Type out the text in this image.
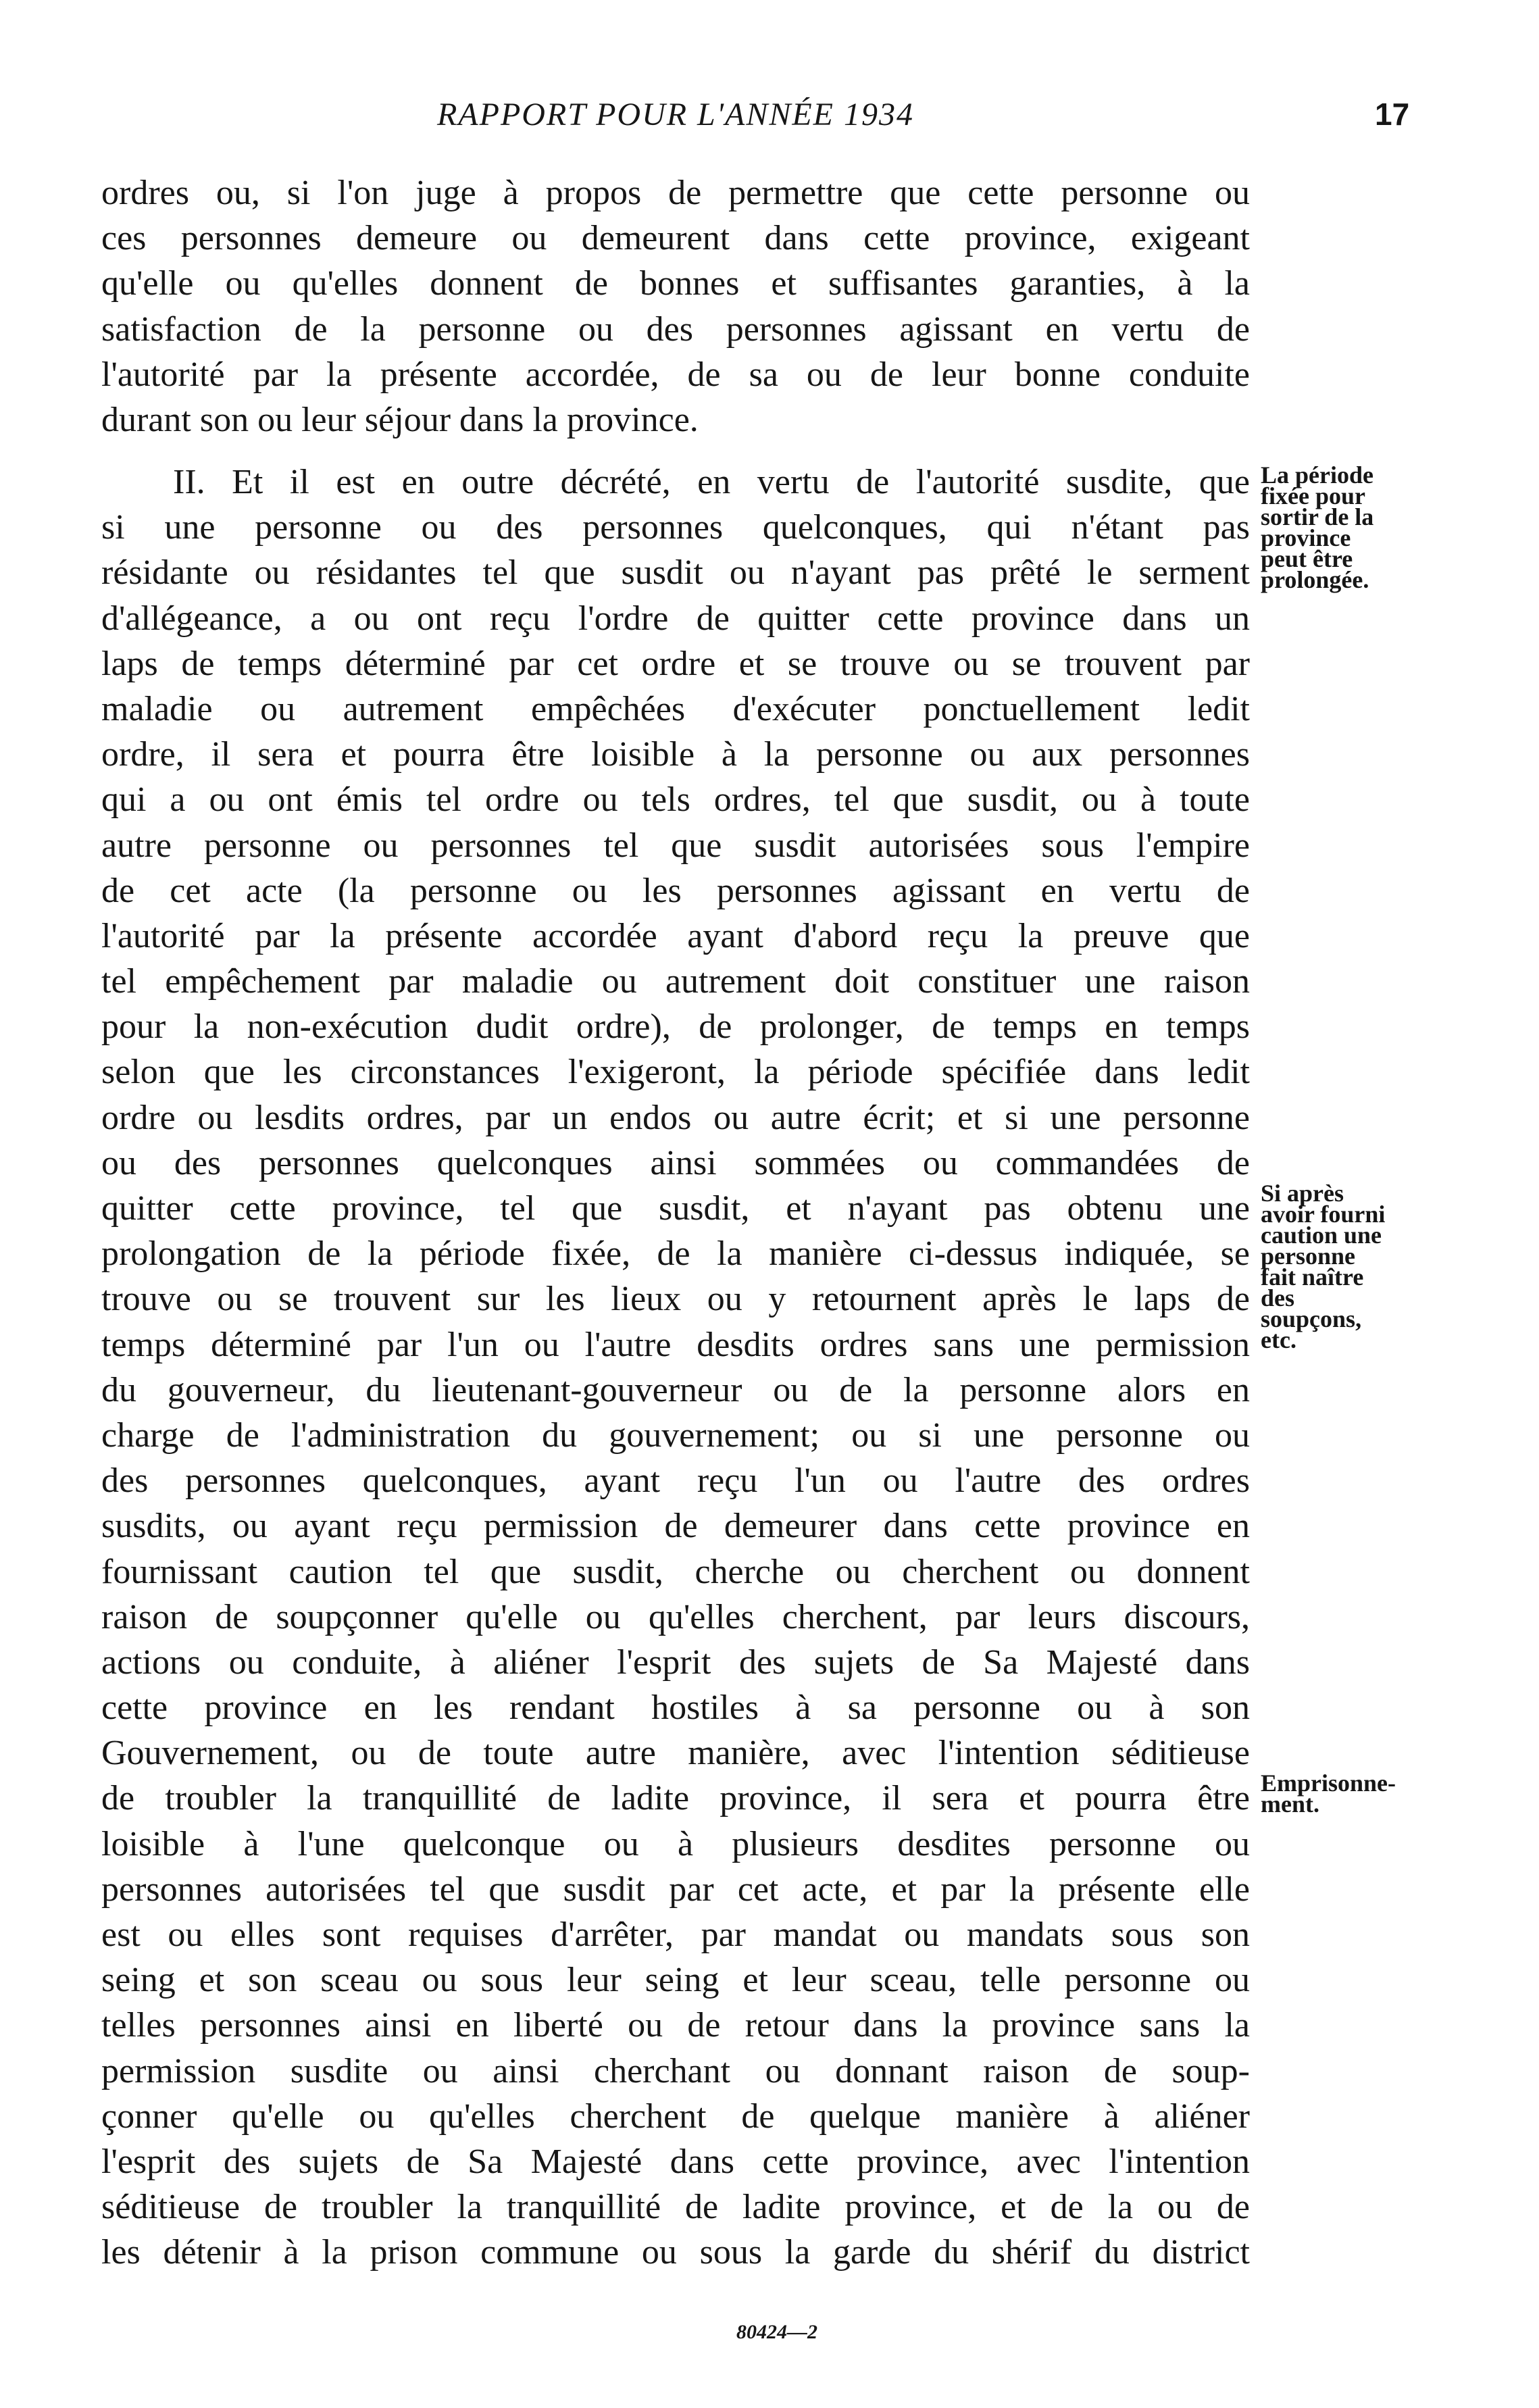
RAPPORT POUR L'ANNÉE 1934	17
ordres ou, si l'on juge à propos de permettre que cette personne ou
ces personnes demeure ou demeurent dans cette province, exigeant
qu'elle ou qu'elles donnent de bonnes et suffisantes garanties, à la
satisfaction de la personne ou des personnes agissant en vertu de
l'autorité par la présente accordée, de sa ou de leur bonne conduite
durant son ou leur séjour dans la province.
II. Et il est en outre décrété, en vertu de l'autorité susdite, que
si une personne ou des personnes quelconques, qui n'étant pas
résidante ou résidantes tel que susdit ou n'ayant pas prêté le serment
d'allégeance, a ou ont reçu l'ordre de quitter cette province dans un
laps de temps déterminé par cet ordre et se trouve ou se trouvent par
maladie ou autrement empêchées d'exécuter ponctuellement ledit
ordre, il sera et pourra être loisible à la personne ou aux personnes
qui a ou ont émis tel ordre ou tels ordres, tel que susdit, ou à toute
autre personne ou personnes tel que susdit autorisées sous l'empire
de cet acte (la personne ou les personnes agissant en vertu de
l'autorité par la présente accordée ayant d'abord reçu la preuve que
tel empêchement par maladie ou autrement doit constituer une raison
pour la non-exécution dudit ordre), de prolonger, de temps en temps
selon que les circonstances l'exigeront, la période spécifiée dans ledit
ordre ou lesdits ordres, par un endos ou autre écrit; et si une personne
ou des personnes quelconques ainsi sommées ou commandées de
quitter cette province, tel que susdit, et n'ayant pas obtenu une
prolongation de la période fixée, de la manière ci-dessus indiquée, se
trouve ou se trouvent sur les lieux ou y retournent après le laps de
temps déterminé par l'un ou l'autre desdits ordres sans une permission
du gouverneur, du lieutenant-gouverneur ou de la personne alors en
charge de l'administration du gouvernement; ou si une personne ou
des personnes quelconques, ayant reçu l'un ou l'autre des ordres
susdits, ou ayant reçu permission de demeurer dans cette province en
fournissant caution tel que susdit, cherche ou cherchent ou donnent
raison de soupçonner qu'elle ou qu'elles cherchent, par leurs discours,
actions ou conduite, à aliéner l'esprit des sujets de Sa Majesté dans
cette province en les rendant hostiles à sa personne ou à son
Gouvernement, ou de toute autre manière, avec l'intention séditieuse
de troubler la tranquillité de ladite province, il sera et pourra être
loisible à l'une quelconque ou à plusieurs desdites personne ou
personnes autorisées tel que susdit par cet acte, et par la présente elle
est ou elles sont requises d'arrêter, par mandat ou mandats sous son
seing et son sceau ou sous leur seing et leur sceau, telle personne ou
telles personnes ainsi en liberté ou de retour dans la province sans la
permission susdite ou ainsi cherchant ou donnant raison de soup-
çonner qu'elle ou qu'elles cherchent de quelque manière à aliéner
l'esprit des sujets de Sa Majesté dans cette province, avec l'intention
séditieuse de troubler la tranquillité de ladite province, et de la ou de
les détenir à la prison commune ou sous la garde du shérif du district
La période
fixée pour
sortir de la
province
peut être
prolongée.
Si après
avoir fourni
caution une
personne
fait naître
des
soupçons,
etc.
Emprisonne-
ment.
80424—2
